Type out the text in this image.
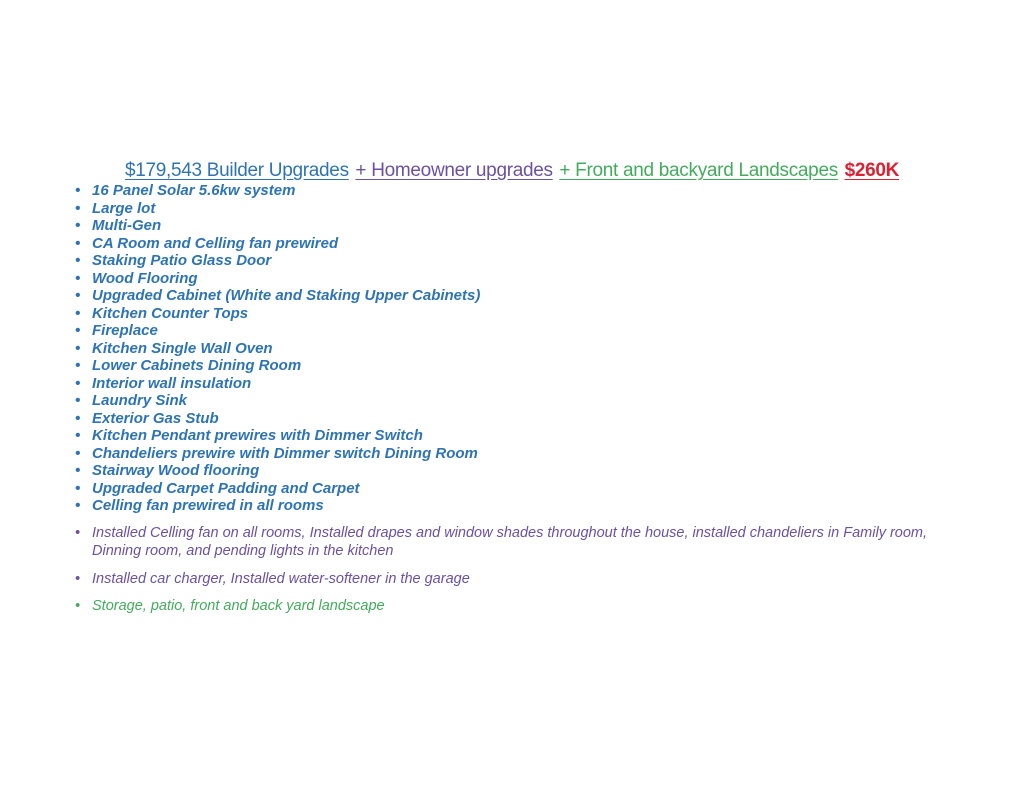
$179,543 Builder Upgrades + Homeowner upgrades + Front and backyard Landscapes $260K
• 16 Panel Solar 5.6kw system
• Large lot
• Multi-Gen
• CA Room and Celling fan prewired
• Staking Patio Glass Door
• Wood Flooring
• Upgraded Cabinet (White and Staking Upper Cabinets)
• Kitchen Counter Tops
• Fireplace
• Kitchen Single Wall Oven
• Lower Cabinets Dining Room
• Interior wall insulation
• Laundry Sink
• Exterior Gas Stub
• Kitchen Pendant prewires with Dimmer Switch
• Chandeliers prewire with Dimmer switch Dining Room
• Stairway Wood flooring
• Upgraded Carpet Padding and Carpet
• Celling fan prewired in all rooms
• Installed Celling fan on all rooms, Installed drapes and window shades throughout the house, installed chandeliers in Family room, Dinning room, and pending lights in the kitchen
• Installed car charger, Installed water-softener in the garage
• Storage, patio, front and back yard landscape
